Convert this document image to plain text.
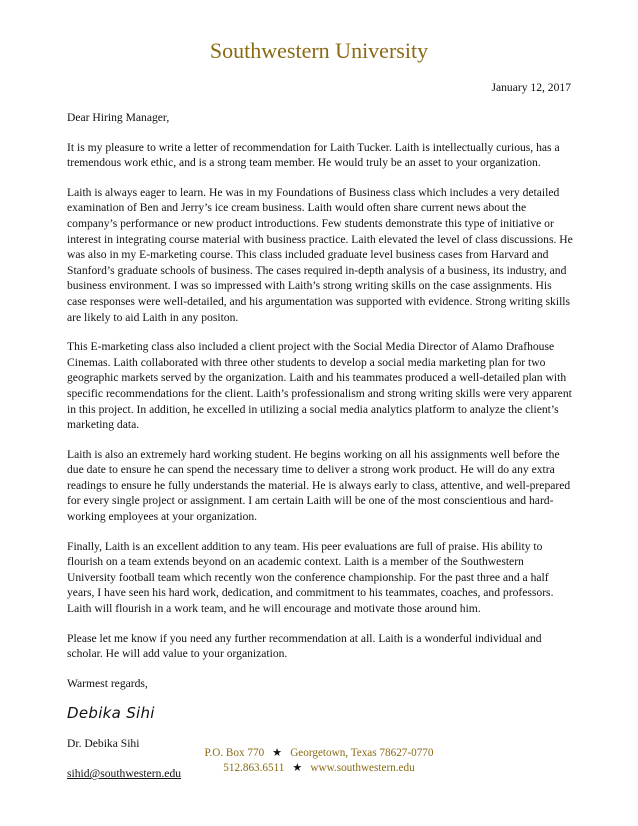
Southwestern University
January 12, 2017

Dear Hiring Manager,

It is my pleasure to write a letter of recommendation for Laith Tucker. Laith is intellectually curious, has a tremendous work ethic, and is a strong team member. He would truly be an asset to your organization.

Laith is always eager to learn. He was in my Foundations of Business class which includes a very detailed examination of Ben and Jerry’s ice cream business. Laith would often share current news about the company’s performance or new product introductions. Few students demonstrate this type of initiative or interest in integrating course material with business practice. Laith elevated the level of class discussions. He was also in my E-marketing course. This class included graduate level business cases from Harvard and Stanford’s graduate schools of business. The cases required in-depth analysis of a business, its industry, and business environment. I was so impressed with Laith’s strong writing skills on the case assignments. His case responses were well-detailed, and his argumentation was supported with evidence. Strong writing skills are likely to aid Laith in any positon.

This E-marketing class also included a client project with the Social Media Director of Alamo Drafhouse Cinemas. Laith collaborated with three other students to develop a social media marketing plan for two geographic markets served by the organization. Laith and his teammates produced a well-detailed plan with specific recommendations for the client. Laith’s professionalism and strong writing skills were very apparent in this project. In addition, he excelled in utilizing a social media analytics platform to analyze the client’s marketing data.

Laith is also an extremely hard working student. He begins working on all his assignments well before the due date to ensure he can spend the necessary time to deliver a strong work product. He will do any extra readings to ensure he fully understands the material. He is always early to class, attentive, and well-prepared for every single project or assignment. I am certain Laith will be one of the most conscientious and hard-working employees at your organization.

Finally, Laith is an excellent addition to any team. His peer evaluations are full of praise. His ability to flourish on a team extends beyond on an academic context. Laith is a member of the Southwestern University football team which recently won the conference championship. For the past three and a half years, I have seen his hard work, dedication, and commitment to his teammates, coaches, and professors. Laith will flourish in a work team, and he will encourage and motivate those around him.

Please let me know if you need any further recommendation at all. Laith is a wonderful individual and scholar. He will add value to your organization.

Warmest regards,

Debika Sihi

Dr. Debika Sihi

sihid@southwestern.edu

P.O. Box 770 ★ Georgetown, Texas 78627-0770
512.863.6511 ★ www.southwestern.edu
